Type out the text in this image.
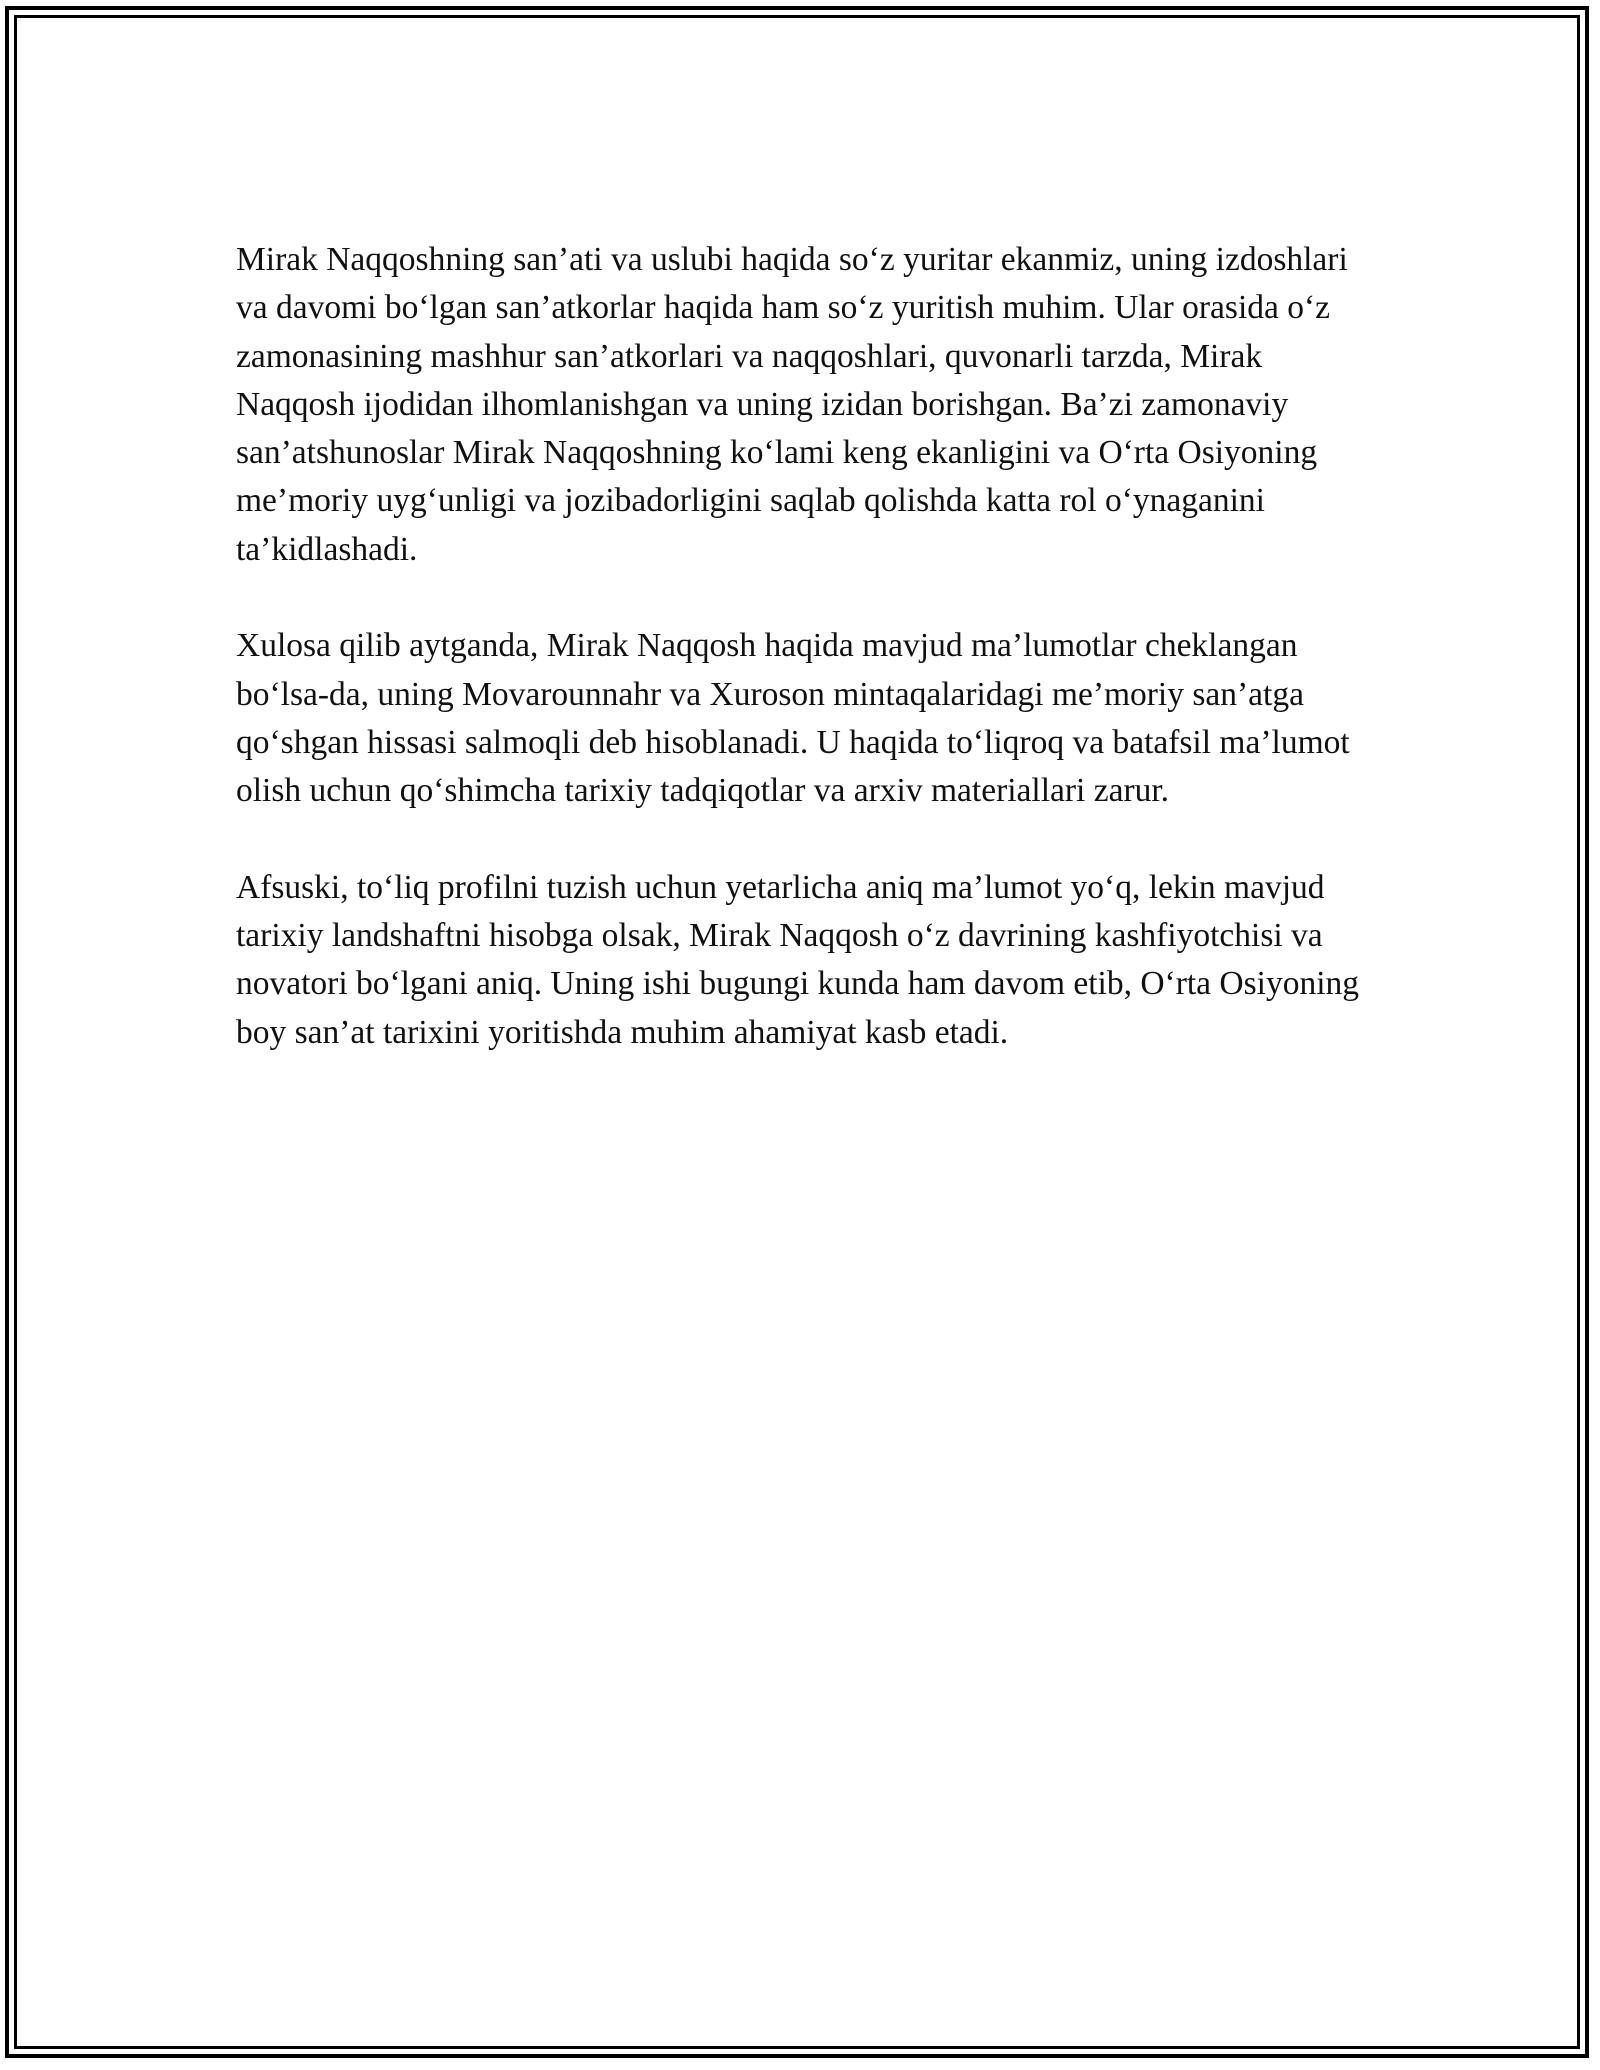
Mirak Naqqoshning san’ati va uslubi haqida so‘z yuritar ekanmiz, uning izdoshlari va davomi bo‘lgan san’atkorlar haqida ham so‘z yuritish muhim. Ular orasida o‘z zamonasining mashhur san’atkorlari va naqqoshlari, quvonarli tarzda, Mirak Naqqosh ijodidan ilhomlanishgan va uning izidan borishgan. Ba’zi zamonaviy san’atshunoslar Mirak Naqqoshning ko‘lami keng ekanligini va O‘rta Osiyoning me’moriy uyg‘unligi va jozibadorligini saqlab qolishda katta rol o‘ynaganini ta’kidlashadi.

Xulosa qilib aytganda, Mirak Naqqosh haqida mavjud ma’lumotlar cheklangan bo‘lsa-da, uning Movarounnahr va Xuroson mintaqalaridagi me’moriy san’atga qo‘shgan hissasi salmoqli deb hisoblanadi. U haqida to‘liqroq va batafsil ma’lumot olish uchun qo‘shimcha tarixiy tadqiqotlar va arxiv materiallari zarur.

Afsuski, to‘liq profilni tuzish uchun yetarlicha aniq ma’lumot yo‘q, lekin mavjud tarixiy landshaftni hisobga olsak, Mirak Naqqosh o‘z davrining kashfiyotchisi va novatori bo‘lgani aniq. Uning ishi bugungi kunda ham davom etib, O‘rta Osiyoning boy san’at tarixini yoritishda muhim ahamiyat kasb etadi.
